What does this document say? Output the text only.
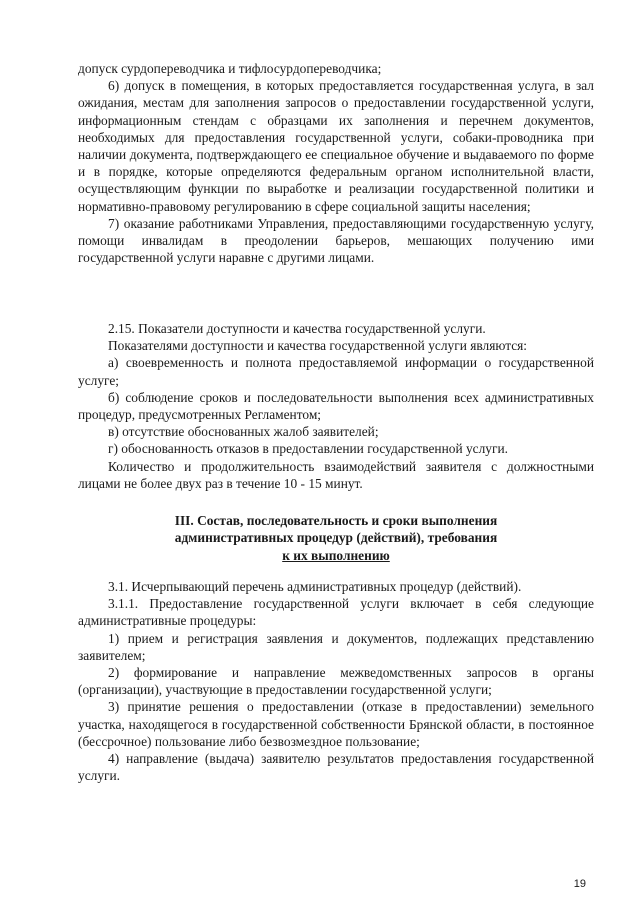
допуск сурдопереводчика и тифлосурдопереводчика;

6) допуск в помещения, в которых предоставляется государственная услуга, в зал ожидания, местам для заполнения запросов о предоставлении государственной услуги, информационным стендам с образцами их заполнения и перечнем документов, необходимых для предоставления государственной услуги, собаки-проводника при наличии документа, подтверждающего ее специальное обучение и выдаваемого по форме и в порядке, которые определяются федеральным органом исполнительной власти, осуществляющим функции по выработке и реализации государственной политики и нормативно-правовому регулированию в сфере социальной защиты населения;

7) оказание работниками Управления, предоставляющими государственную услугу, помощи инвалидам в преодолении барьеров, мешающих получению ими государственной услуги наравне с другими лицами.

2.15. Показатели доступности и качества государственной услуги.

Показателями доступности и качества государственной услуги являются:

а) своевременность и полнота предоставляемой информации о государственной услуге;

б) соблюдение сроков и последовательности выполнения всех административных процедур, предусмотренных Регламентом;

в) отсутствие обоснованных жалоб заявителей;

г) обоснованность отказов в предоставлении государственной услуги.

Количество и продолжительность взаимодействий заявителя с должностными лицами не более двух раз в течение 10 - 15 минут.

III. Состав, последовательность и сроки выполнения
административных процедур (действий), требования
к их выполнению

3.1. Исчерпывающий перечень административных процедур (действий).

3.1.1. Предоставление государственной услуги включает в себя следующие административные процедуры:

1) прием и регистрация заявления и документов, подлежащих представлению заявителем;

2) формирование и направление межведомственных запросов в органы (организации), участвующие в предоставлении государственной услуги;

3) принятие решения о предоставлении (отказе в предоставлении) земельного участка, находящегося в государственной собственности Брянской области, в постоянное (бессрочное) пользование либо безвозмездное пользование;

4) направление (выдача) заявителю результатов предоставления государственной услуги.

19
